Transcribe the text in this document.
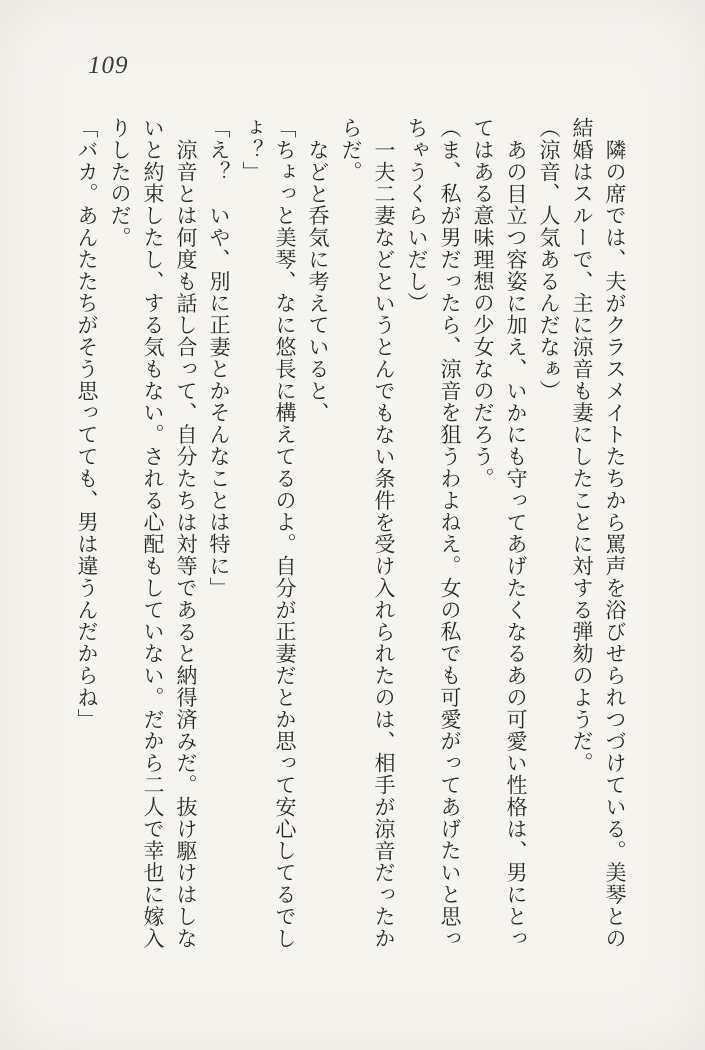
109

隣の席では、夫がクラスメイトたちから罵声を浴びせられつづけている。美琴との

結婚はスルーで、主に涼音も妻にしたことに対する弾劾のようだ。

（涼音、人気あるんだなぁ）

あの目立つ容姿に加え、いかにも守ってあげたくなるあの可愛い性格は、男にとっ

てはある意味理想の少女なのだろう。

（ま、私が男だったら、涼音を狙うわよねえ。女の私でも可愛がってあげたいと思っ

ちゃうくらいだし）

一夫二妻などというとんでもない条件を受け入れられたのは、相手が涼音だったか

らだ。

などと呑気に考えていると、

「ちょっと美琴、なに悠長に構えてるのよ。自分が正妻だとか思って安心してるでし

ょ？」

「え？　いや、別に正妻とかそんなことは特に」

涼音とは何度も話し合って、自分たちは対等であると納得済みだ。抜け駆けはしな

いと約束したし、する気もない。される心配もしていない。だから二人で幸也に嫁入

りしたのだ。

「バカ。あんたたちがそう思ってても、男は違うんだからね」
